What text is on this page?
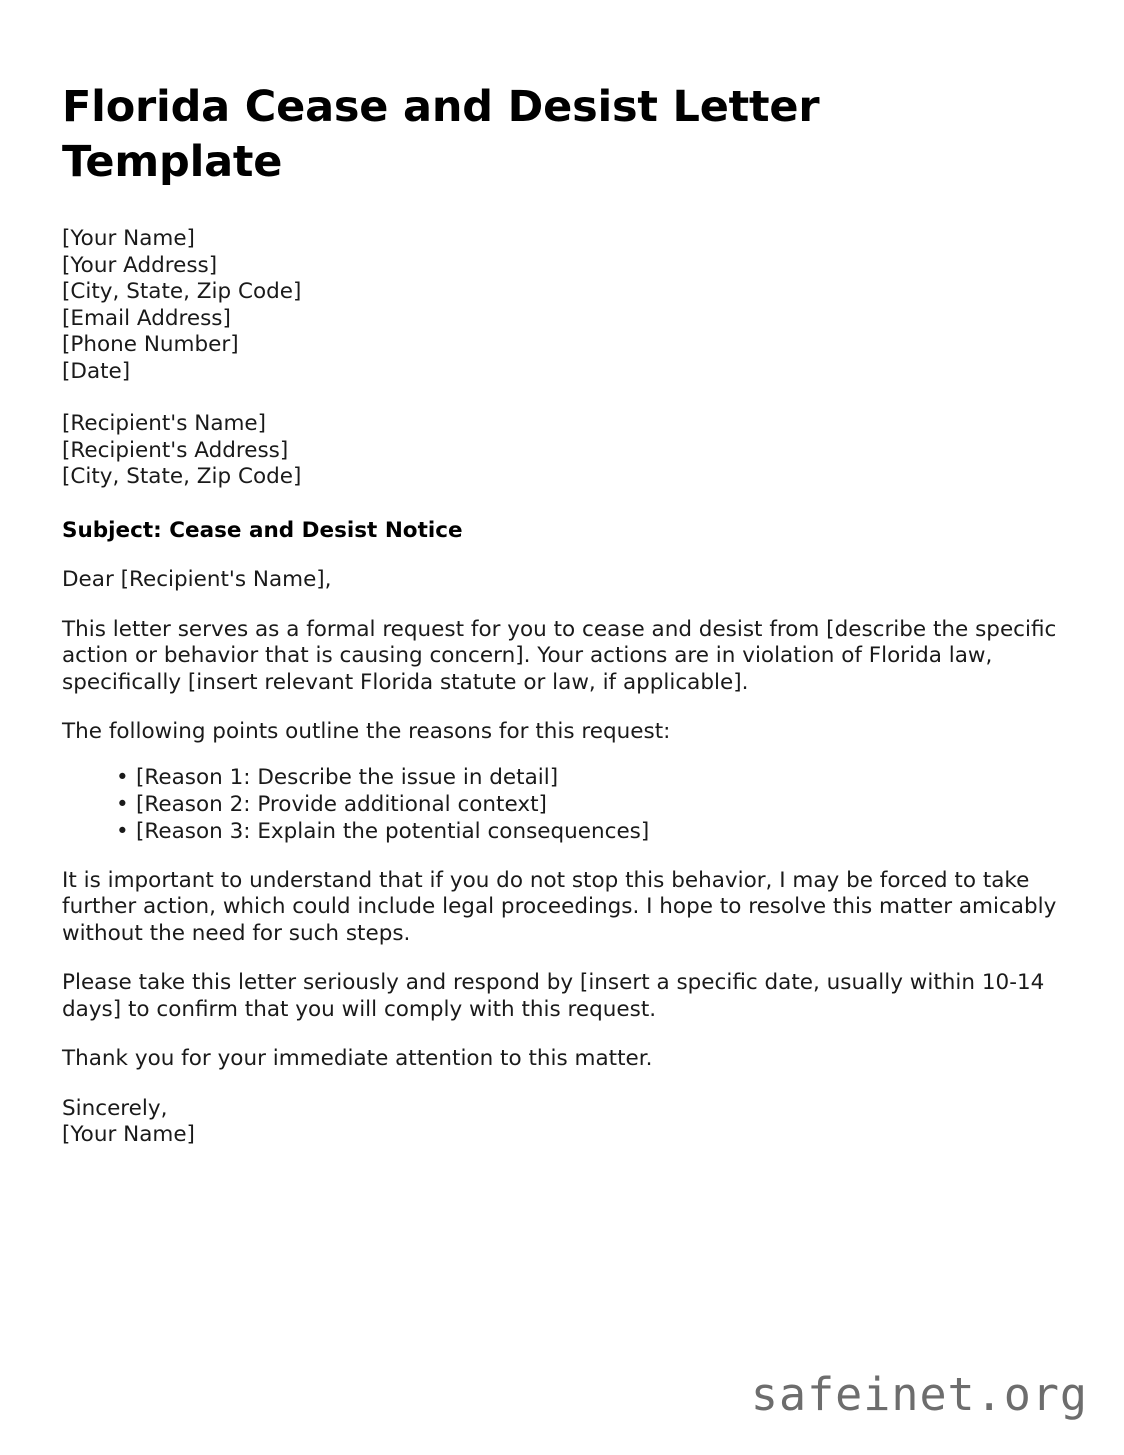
Florida Cease and Desist Letter Template
[Your Name]
[Your Address]
[City, State, Zip Code]
[Email Address]
[Phone Number]
[Date]
[Recipient's Name]
[Recipient's Address]
[City, State, Zip Code]
Subject: Cease and Desist Notice
Dear [Recipient's Name],
This letter serves as a formal request for you to cease and desist from [describe the specific action or behavior that is causing concern]. Your actions are in violation of Florida law, specifically [insert relevant Florida statute or law, if applicable].
The following points outline the reasons for this request:
• [Reason 1: Describe the issue in detail]
• [Reason 2: Provide additional context]
• [Reason 3: Explain the potential consequences]
It is important to understand that if you do not stop this behavior, I may be forced to take further action, which could include legal proceedings. I hope to resolve this matter amicably without the need for such steps.
Please take this letter seriously and respond by [insert a specific date, usually within 10-14 days] to confirm that you will comply with this request.
Thank you for your immediate attention to this matter.
Sincerely,
[Your Name]
safeinet.org
